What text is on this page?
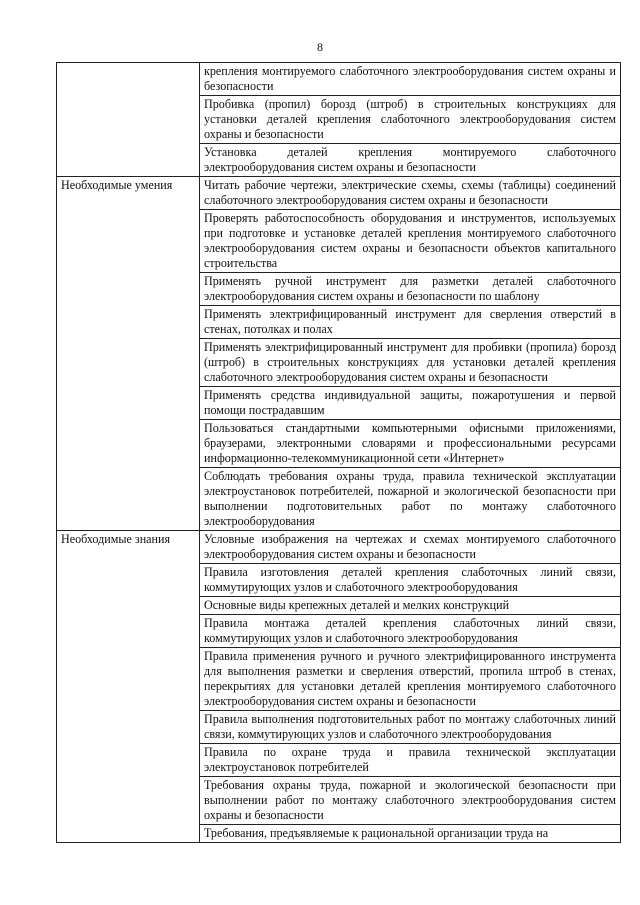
8
	крепления монтируемого слаботочного электрооборудования систем охраны и безопасности
	Пробивка (пропил) борозд (штроб) в строительных конструкциях для установки деталей крепления слаботочного электрооборудования систем охраны и безопасности
	Установка деталей крепления монтируемого слаботочного электрооборудования систем охраны и безопасности
Необходимые умения	Читать рабочие чертежи, электрические схемы, схемы (таблицы) соединений слаботочного электрооборудования систем охраны и безопасности
	Проверять работоспособность оборудования и инструментов, используемых при подготовке и установке деталей крепления монтируемого слаботочного электрооборудования систем охраны и безопасности объектов капитального строительства
	Применять ручной инструмент для разметки деталей слаботочного электрооборудования систем охраны и безопасности по шаблону
	Применять электрифицированный инструмент для сверления отверстий в стенах, потолках и полах
	Применять электрифицированный инструмент для пробивки (пропила) борозд (штроб) в строительных конструкциях для установки деталей крепления слаботочного электрооборудования систем охраны и безопасности
	Применять средства индивидуальной защиты, пожаротушения и первой помощи пострадавшим
	Пользоваться стандартными компьютерными офисными приложениями, браузерами, электронными словарями и профессиональными ресурсами информационно-телекоммуникационной сети «Интернет»
	Соблюдать требования охраны труда, правила технической эксплуатации электроустановок потребителей, пожарной и экологической безопасности при выполнении подготовительных работ по монтажу слаботочного электрооборудования
Необходимые знания	Условные изображения на чертежах и схемах монтируемого слаботочного электрооборудования систем охраны и безопасности
	Правила изготовления деталей крепления слаботочных линий связи, коммутирующих узлов и слаботочного электрооборудования
	Основные виды крепежных деталей и мелких конструкций
	Правила монтажа деталей крепления слаботочных линий связи, коммутирующих узлов и слаботочного электрооборудования
	Правила применения ручного и ручного электрифицированного инструмента для выполнения разметки и сверления отверстий, пропила штроб в стенах, перекрытиях для установки деталей крепления монтируемого слаботочного электрооборудования систем охраны и безопасности
	Правила выполнения подготовительных работ по монтажу слаботочных линий связи, коммутирующих узлов и слаботочного электрооборудования
	Правила по охране труда и правила технической эксплуатации электроустановок потребителей
	Требования охраны труда, пожарной и экологической безопасности при выполнении работ по монтажу слаботочного электрооборудования систем охраны и безопасности
	Требования, предъявляемые к рациональной организации труда на
